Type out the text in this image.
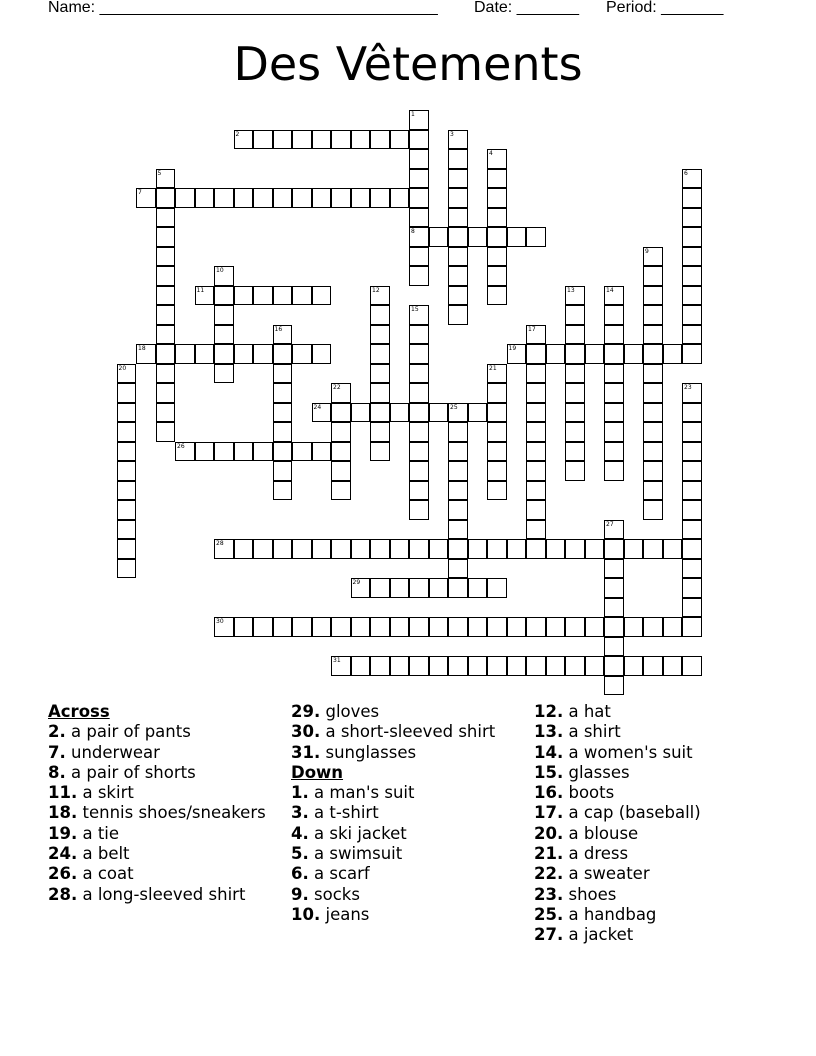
Name: ______________________________________ Date: _______ Period: _______
Des Vêtements
2
7
8
11
18	19
24	25
26
28
29
30
31
1
3
4
5	6
9
10
12	13	14
15
16	17
20	21
22	23
27
Across
2. a pair of pants
7. underwear
8. a pair of shorts
11. a skirt
18. tennis shoes/sneakers
19. a tie
24. a belt
26. a coat
28. a long-sleeved shirt
29. gloves
30. a short-sleeved shirt
31. sunglasses
Down
1. a man's suit
3. a t-shirt
4. a ski jacket
5. a swimsuit
6. a scarf
9. socks
10. jeans
12. a hat
13. a shirt
14. a women's suit
15. glasses
16. boots
17. a cap (baseball)
20. a blouse
21. a dress
22. a sweater
23. shoes
25. a handbag
27. a jacket
